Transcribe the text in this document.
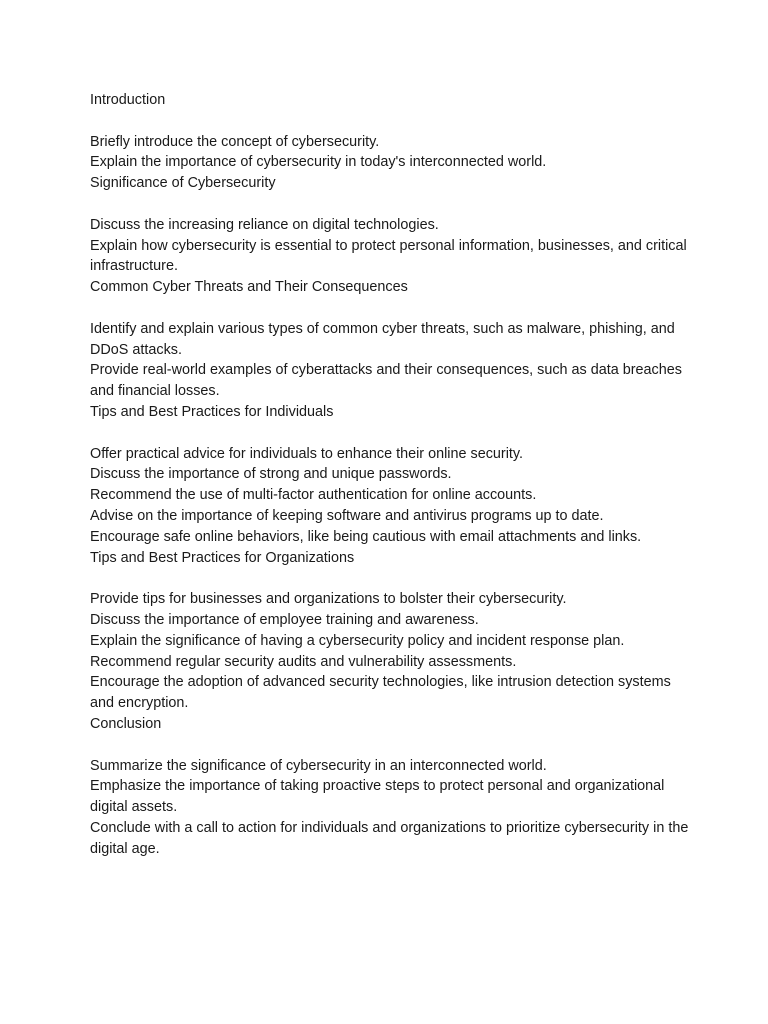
Introduction

Briefly introduce the concept of cybersecurity.

Explain the importance of cybersecurity in today's interconnected world.

Significance of Cybersecurity

Discuss the increasing reliance on digital technologies.

Explain how cybersecurity is essential to protect personal information, businesses, and critical infrastructure.

Common Cyber Threats and Their Consequences

Identify and explain various types of common cyber threats, such as malware, phishing, and DDoS attacks.

Provide real-world examples of cyberattacks and their consequences, such as data breaches and financial losses.

Tips and Best Practices for Individuals

Offer practical advice for individuals to enhance their online security.

Discuss the importance of strong and unique passwords.

Recommend the use of multi-factor authentication for online accounts.

Advise on the importance of keeping software and antivirus programs up to date.

Encourage safe online behaviors, like being cautious with email attachments and links.

Tips and Best Practices for Organizations

Provide tips for businesses and organizations to bolster their cybersecurity.

Discuss the importance of employee training and awareness.

Explain the significance of having a cybersecurity policy and incident response plan.

Recommend regular security audits and vulnerability assessments.

Encourage the adoption of advanced security technologies, like intrusion detection systems and encryption.

Conclusion

Summarize the significance of cybersecurity in an interconnected world.

Emphasize the importance of taking proactive steps to protect personal and organizational digital assets.

Conclude with a call to action for individuals and organizations to prioritize cybersecurity in the digital age.
